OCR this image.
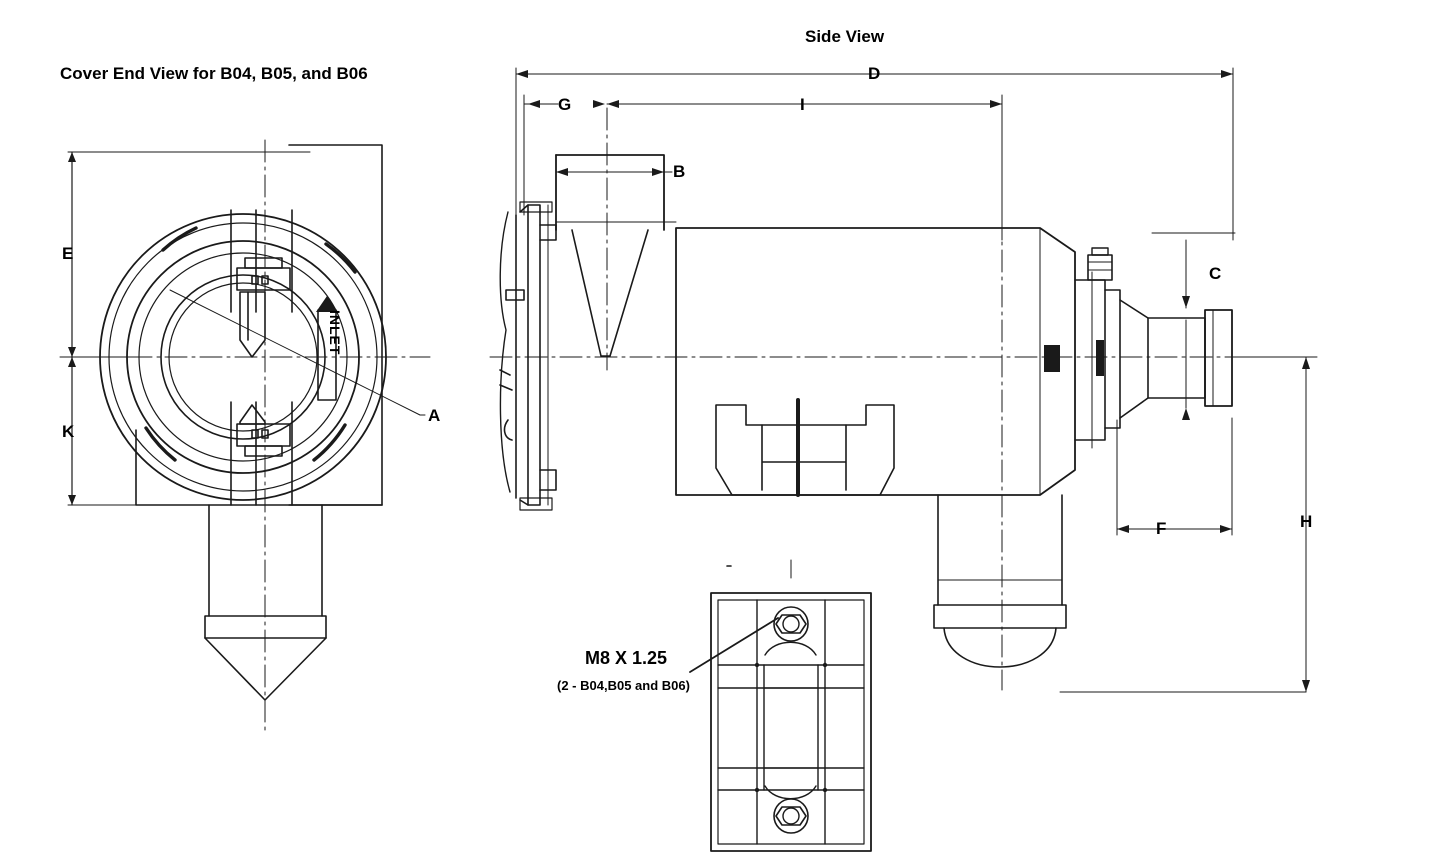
Cover End View for B04, B05, and B06
Side View
E
K
A
B
C
D
F
G
H
I
M8 X 1.25
(2 - B04,B05 and B06)
INLET
